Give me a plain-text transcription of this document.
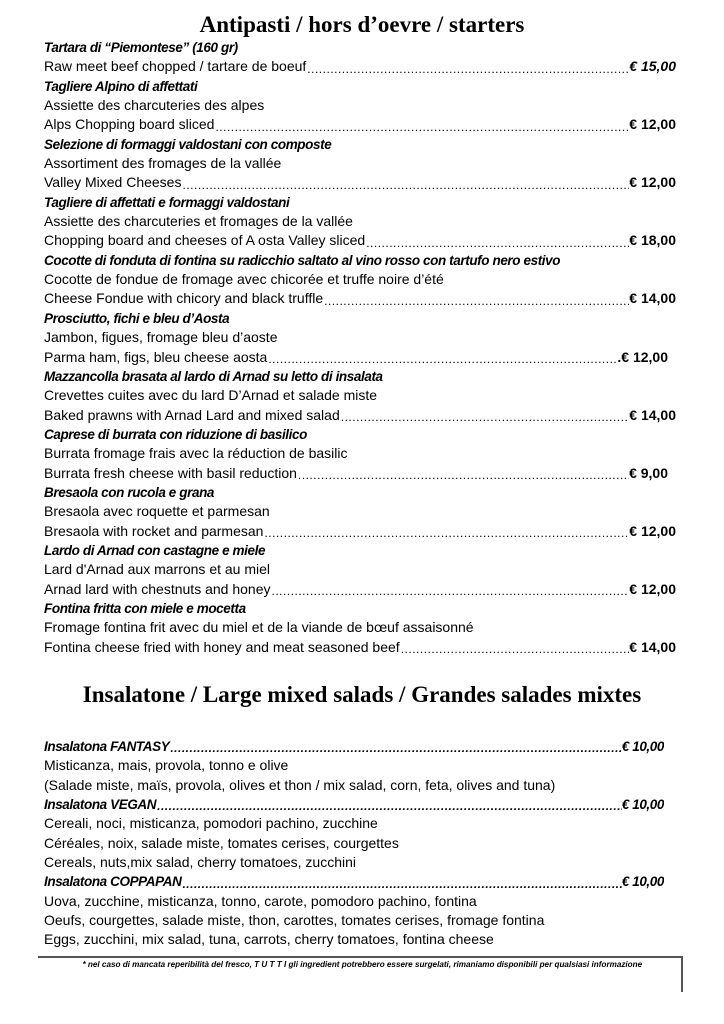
Antipasti / hors d’oevre / starters
Tartara di “Piemontese” (160 gr)
Raw meet beef chopped / tartare de boeuf .....	€ 15,00
Tagliere Alpino di affettati
Assiette des charcuteries des alpes
Alps Chopping board sliced .....	€ 12,00
Selezione di formaggi valdostani con composte
Assortiment des fromages de la vallée
Valley Mixed Cheeses .....	€ 12,00
Tagliere di affettati e formaggi valdostani
Assiette des charcuteries et fromages de la vallée
Chopping board and cheeses of A osta Valley sliced .....	€ 18,00
Cocotte di fonduta di fontina su radicchio saltato al vino rosso con tartufo nero estivo
Cocotte de fondue de fromage avec chicorée et truffe noire d’été
Cheese Fondue with chicory and black truffle .....	€ 14,00
Prosciutto, fichi e bleu d’Aosta
Jambon, figues, fromage bleu d’aoste
Parma ham, figs, bleu cheese aosta .....	.€ 12,00
Mazzancolla brasata al lardo di Arnad su letto di insalata
Crevettes cuites avec du lard D’Arnad et salade miste
Baked prawns with Arnad Lard and mixed salad .....	€ 14,00
Caprese di burrata con riduzione di basilico
Burrata fromage frais avec la réduction de basilic
Burrata fresh cheese with basil reduction .....	€ 9,00
Bresaola con rucola e grana
Bresaola avec roquette et parmesan
Bresaola with rocket and parmesan .....	€ 12,00
Lardo di Arnad con castagne e miele
Lard d'Arnad aux marrons et au miel
Arnad lard with chestnuts and honey .....	€ 12,00
Fontina fritta con miele e mocetta
Fromage fontina frit avec du miel et de la viande de bœuf assaisonné
Fontina cheese fried with honey and meat seasoned beef .....	€ 14,00
Insalatone / Large mixed salads / Grandes salades mixtes
Insalatona FANTASY .....	€ 10,00
Misticanza, mais, provola, tonno e olive
(Salade miste, maïs, provola, olives et thon / mix salad, corn, feta, olives and tuna)
Insalatona VEGAN .....	€ 10,00
Cereali, noci, misticanza, pomodori pachino, zucchine
Céréales, noix, salade miste, tomates cerises, courgettes
Cereals, nuts,mix salad, cherry tomatoes, zucchini
Insalatona COPPAPAN .....	€ 10,00
Uova, zucchine, misticanza, tonno, carote, pomodoro pachino, fontina
Oeufs, courgettes, salade miste, thon, carottes, tomates cerises, fromage fontina
Eggs, zucchini, mix salad, tuna, carrots, cherry tomatoes, fontina cheese
* nel caso di mancata reperibilità del fresco, T U T T I gli ingredient potrebbero essere surgelati, rimaniamo disponibili per qualsiasi informazione
